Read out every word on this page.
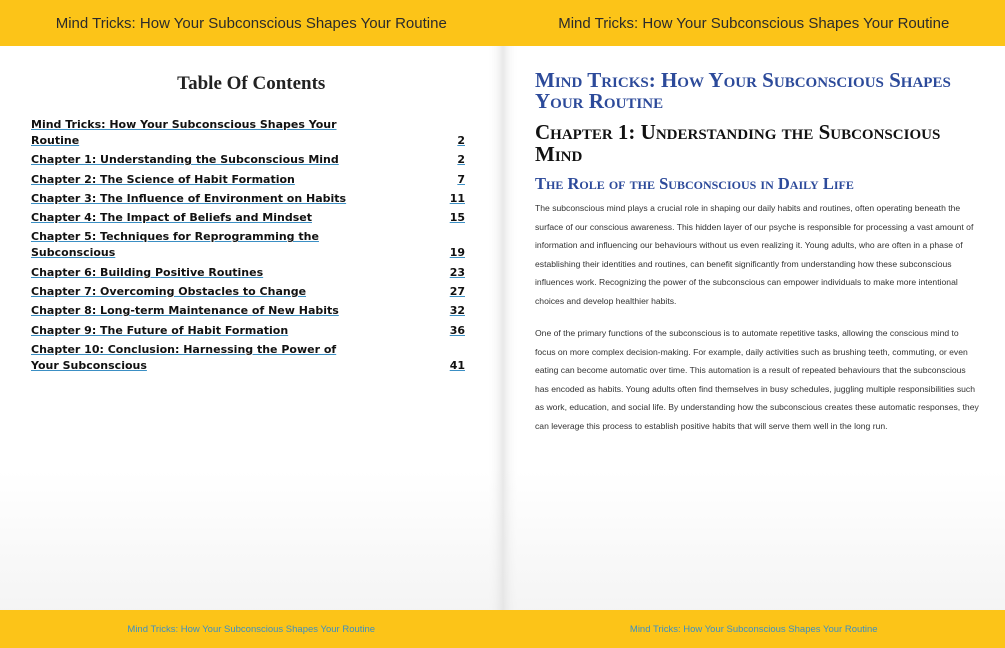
Mind Tricks: How Your Subconscious Shapes Your Routine
Table Of Contents
Mind Tricks: How Your Subconscious Shapes Your Routine	2
Chapter 1: Understanding the Subconscious Mind	2
Chapter 2: The Science of Habit Formation	7
Chapter 3: The Influence of Environment on Habits	11
Chapter 4: The Impact of Beliefs and Mindset	15
Chapter 5: Techniques for Reprogramming the Subconscious	19
Chapter 6: Building Positive Routines	23
Chapter 7: Overcoming Obstacles to Change	27
Chapter 8: Long-term Maintenance of New Habits	32
Chapter 9: The Future of Habit Formation	36
Chapter 10: Conclusion: Harnessing the Power of Your Subconscious	41
Mind Tricks: How Your Subconscious Shapes Your Routine
Mind Tricks: How Your Subconscious Shapes Your Routine
Mind Tricks: How Your Subconscious Shapes Your Routine
Mind Tricks: How Your Subconscious Shapes Your Routine
Chapter 1: Understanding the Subconscious Mind
The Role of the Subconscious in Daily Life

The subconscious mind plays a crucial role in shaping our daily habits and routines, often operating beneath the surface of our conscious awareness. This hidden layer of our psyche is responsible for processing a vast amount of information and influencing our behaviours without us even realizing it. Young adults, who are often in a phase of establishing their identities and routines, can benefit significantly from understanding how these subconscious influences work. Recognizing the power of the subconscious can empower individuals to make more intentional choices and develop healthier habits.

One of the primary functions of the subconscious is to automate repetitive tasks, allowing the conscious mind to focus on more complex decision-making. For example, daily activities such as brushing teeth, commuting, or even eating can become automatic over time. This automation is a result of repeated behaviours that the subconscious has encoded as habits. Young adults often find themselves in busy schedules, juggling multiple responsibilities such as work, education, and social life. By understanding how the subconscious creates these automatic responses, they can leverage this process to establish positive habits that will serve them well in the long run.
